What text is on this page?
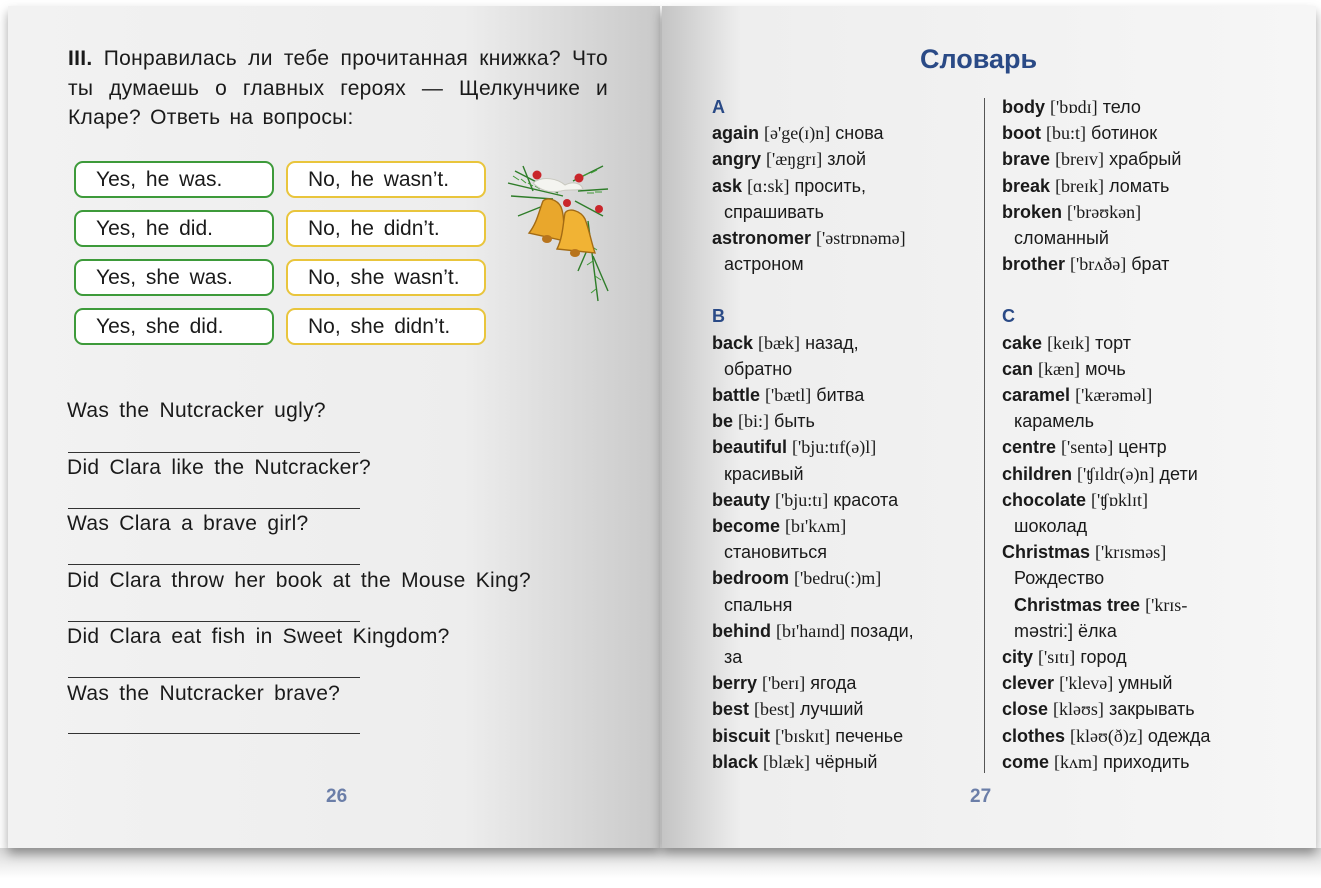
III. Понравилась ли тебе прочитанная книжка? Что ты думаешь о главных героях — Щелкунчике и Кларе? Ответь на вопросы:
Yes, he was.	No, he wasn’t.
Yes, he did.	No, he didn’t.
Yes, she was.	No, she wasn’t.
Yes, she did.	No, she didn’t.
Was the Nutcracker ugly?
Did Clara like the Nutcracker?
Was Clara a brave girl?
Did Clara throw her book at the Mouse King?
Did Clara eat fish in Sweet Kingdom?
Was the Nutcracker brave?
26
Словарь
A
again [ə'ge(ɪ)n] снова
angry ['æŋgrɪ] злой
ask [ɑ:sk] просить,
спрашивать
astronomer ['əstrɒnəmə]
астроном
B
back [bæk] назад,
обратно
battle ['bætl] битва
be [bi:] быть
beautiful ['bju:tɪf(ə)l]
красивый
beauty ['bju:tɪ] красота
become [bɪ'kʌm]
становиться
bedroom ['bedru(:)m]
спальня
behind [bɪ'haɪnd] позади,
за
berry ['berɪ] ягода
best [best] лучший
biscuit ['bɪskɪt] печенье
black [blæk] чёрный
body ['bɒdɪ] тело
boot [bu:t] ботинок
brave [breɪv] храбрый
break [breɪk] ломать
broken ['brəʊkən]
сломанный
brother ['brʌðə] брат
C
cake [keɪk] торт
can [kæn] мочь
caramel ['kærəməl]
карамель
centre ['sentə] центр
children ['ʧɪldr(ə)n] дети
chocolate ['ʧɒklɪt]
шоколад
Christmas ['krɪsməs]
Рождество
Christmas tree ['krɪs-
məstri:] ёлка
city ['sɪtɪ] город
clever ['klevə] умный
close [kləʊs] закрывать
clothes [kləʊ(ð)z] одежда
come [kʌm] приходить
27
